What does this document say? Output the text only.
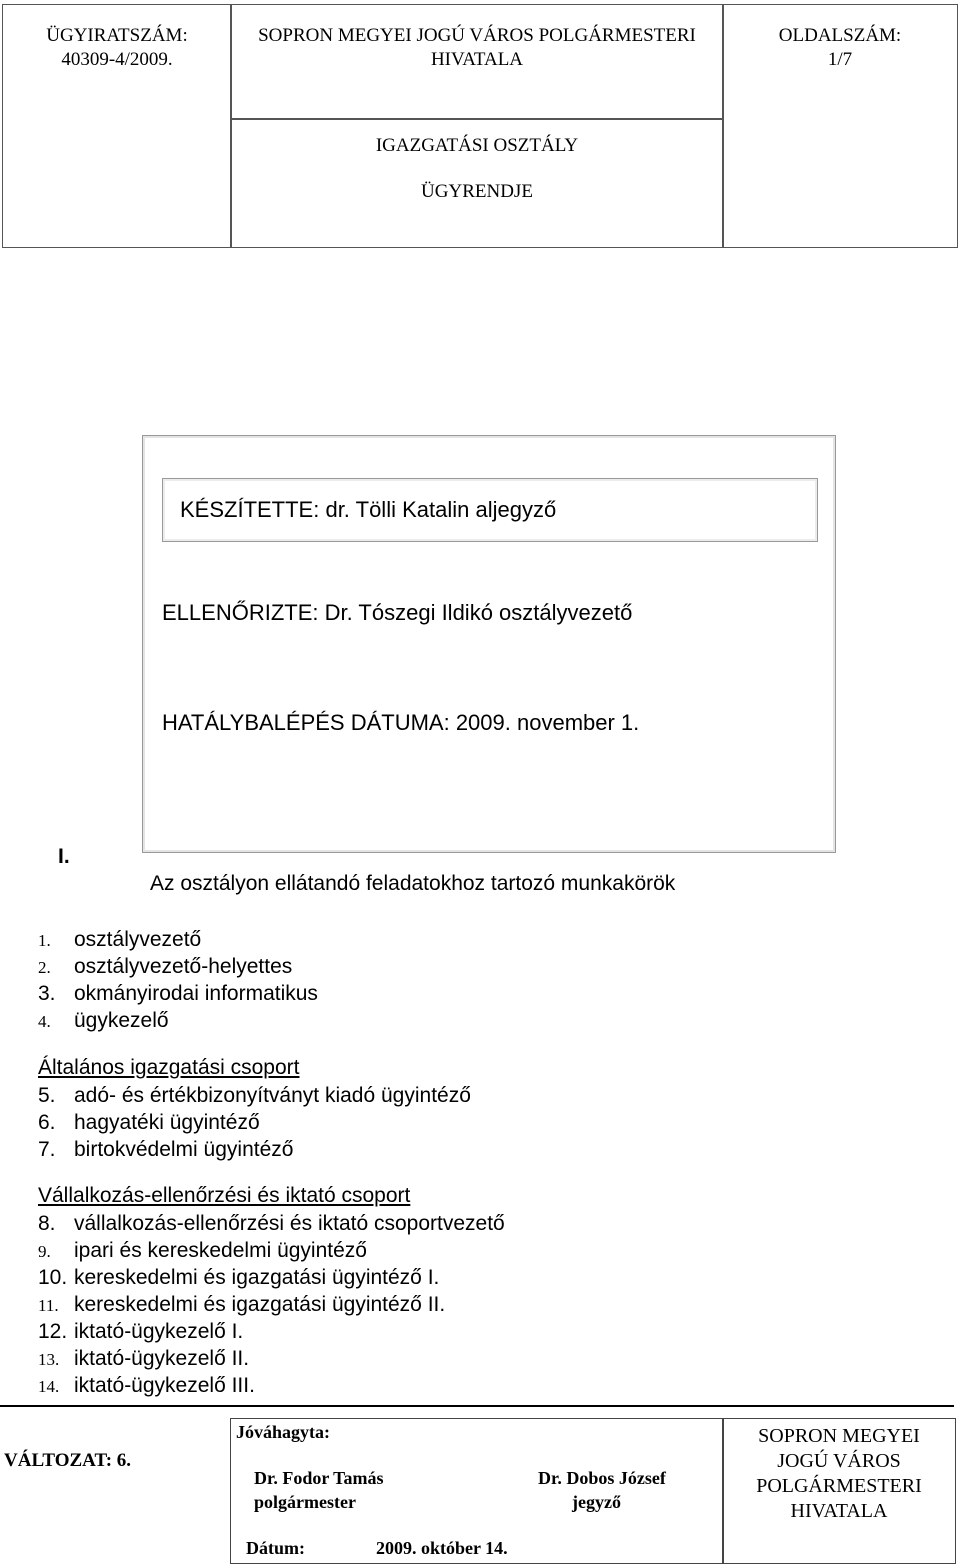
ÜGYIRATSZÁM:
40309-4/2009.
SOPRON MEGYEI JOGÚ VÁROS POLGÁRMESTERI
HIVATALA
OLDALSZÁM:
1/7
IGAZGATÁSI OSZTÁLY
ÜGYRENDJE
KÉSZÍTETTE: dr. Tölli Katalin aljegyző
ELLENŐRIZTE: Dr. Tószegi Ildikó osztályvezető
HATÁLYBALÉPÉS DÁTUMA: 2009. november 1.
I.
Az osztályon ellátandó feladatokhoz tartozó munkakörök
1. osztályvezető
2. osztályvezető-helyettes
3. okmányirodai informatikus
4. ügykezelő
Általános igazgatási csoport
5. adó- és értékbizonyítványt kiadó ügyintéző
6. hagyatéki ügyintéző
7. birtokvédelmi ügyintéző
Vállalkozás-ellenőrzési és iktató csoport
8. vállalkozás-ellenőrzési és iktató csoportvezető
9. ipari és kereskedelmi ügyintéző
10. kereskedelmi és igazgatási ügyintéző I.
11. kereskedelmi és igazgatási ügyintéző II.
12. iktató-ügykezelő I.
13. iktató-ügykezelő II.
14. iktató-ügykezelő III.
VÁLTOZAT: 6.
Jóváhagyta:
Dr. Fodor Tamás
polgármester
Dr. Dobos József
jegyző
Dátum:	2009. október 14.
SOPRON MEGYEI
JOGÚ VÁROS
POLGÁRMESTERI
HIVATALA
